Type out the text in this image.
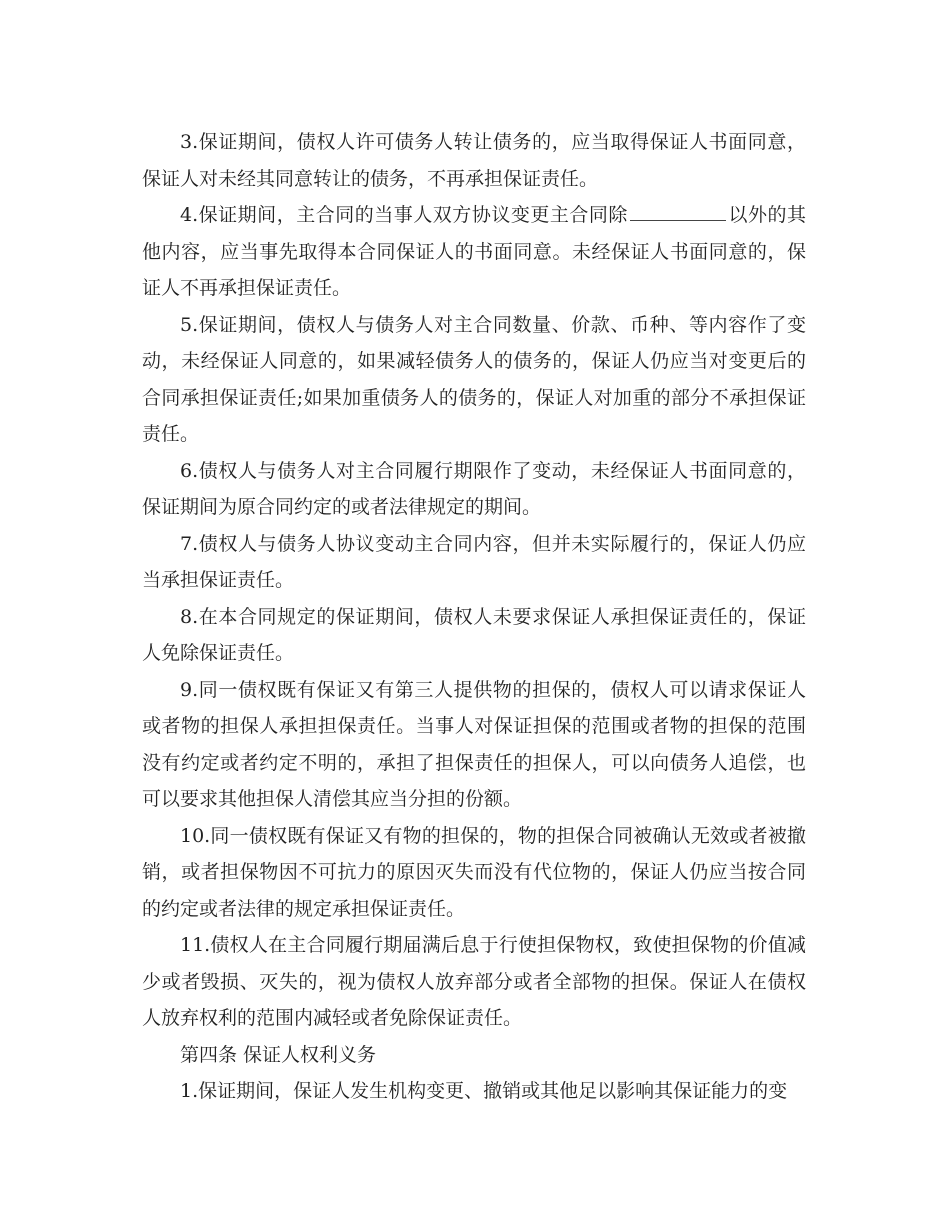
3.保证期间，债权人许可债务人转让债务的，应当取得保证人书面同意，保证人对未经其同意转让的债务，不再承担保证责任。

4.保证期间，主合同的当事人双方协议变更主合同除	以外的其他内容，应当事先取得本合同保证人的书面同意。未经保证人书面同意的，保证人不再承担保证责任。

5.保证期间，债权人与债务人对主合同数量、价款、币种、等内容作了变动，未经保证人同意的，如果减轻债务人的债务的，保证人仍应当对变更后的合同承担保证责任;如果加重债务人的债务的，保证人对加重的部分不承担保证责任。

6.债权人与债务人对主合同履行期限作了变动，未经保证人书面同意的，保证期间为原合同约定的或者法律规定的期间。

7.债权人与债务人协议变动主合同内容，但并未实际履行的，保证人仍应当承担保证责任。

8.在本合同规定的保证期间，债权人未要求保证人承担保证责任的，保证人免除保证责任。

9.同一债权既有保证又有第三人提供物的担保的，债权人可以请求保证人或者物的担保人承担担保责任。当事人对保证担保的范围或者物的担保的范围没有约定或者约定不明的，承担了担保责任的担保人，可以向债务人追偿，也可以要求其他担保人清偿其应当分担的份额。

10.同一债权既有保证又有物的担保的，物的担保合同被确认无效或者被撤销，或者担保物因不可抗力的原因灭失而没有代位物的，保证人仍应当按合同的约定或者法律的规定承担保证责任。

11.债权人在主合同履行期届满后息于行使担保物权，致使担保物的价值减少或者毁损、灭失的，视为债权人放弃部分或者全部物的担保。保证人在债权人放弃权利的范围内减轻或者免除保证责任。

第四条 保证人权利义务

1.保证期间，保证人发生机构变更、撤销或其他足以影响其保证能力的变
